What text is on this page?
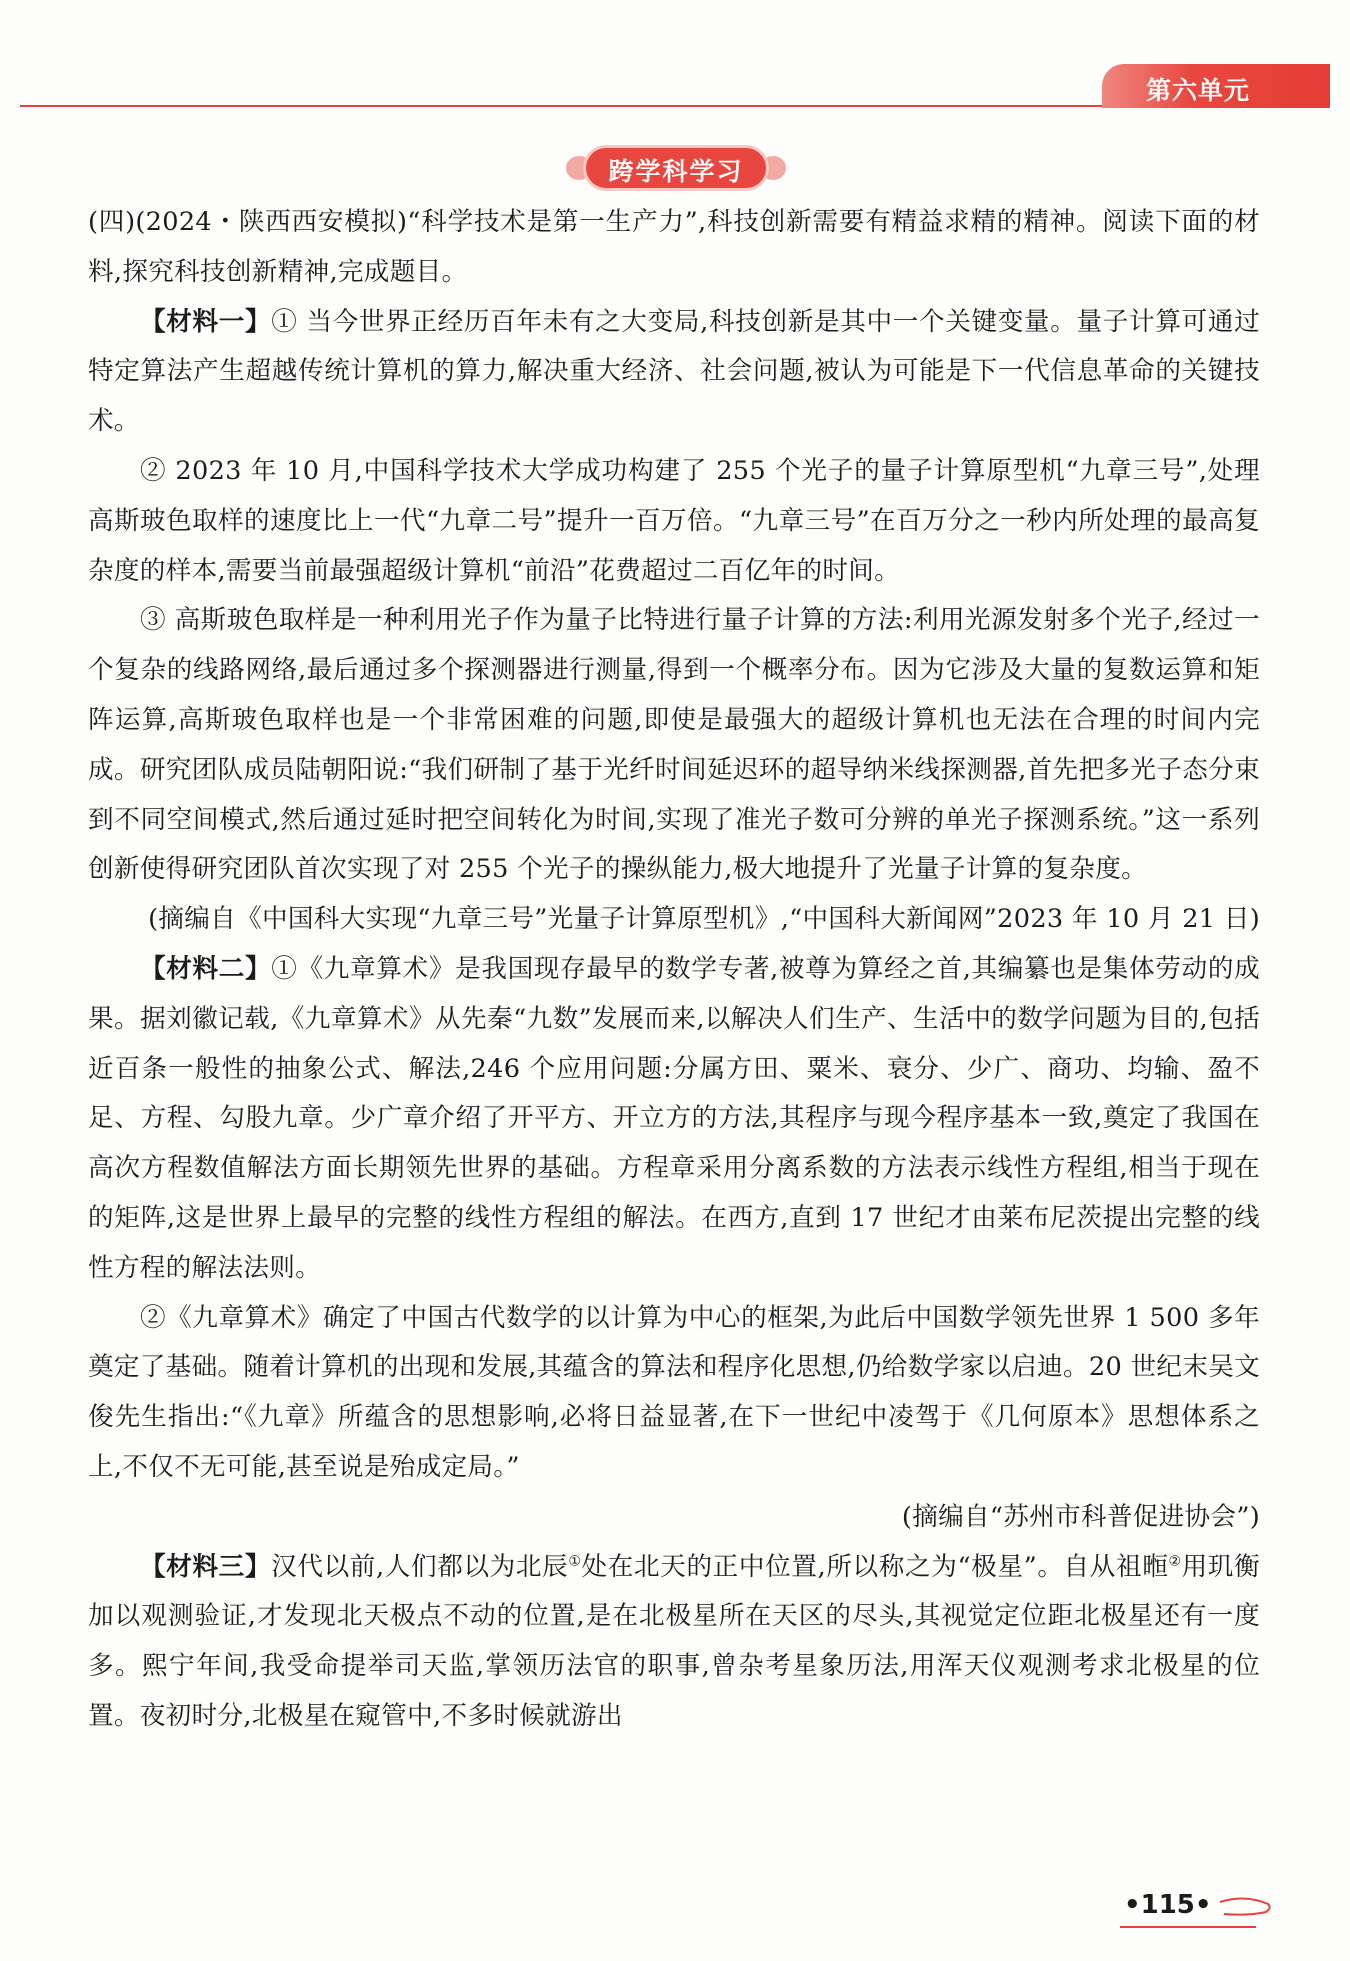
第六单元
跨学科学习

(四)(2024・陕西西安模拟)“科学技术是第一生产力”,科技创新需要有精益求精的精神。阅读下面的材料,探究科技创新精神,完成题目。

【材料一】① 当今世界正经历百年未有之大变局,科技创新是其中一个关键变量。量子计算可通过特定算法产生超越传统计算机的算力,解决重大经济、社会问题,被认为可能是下一代信息革命的关键技术。

② 2023 年 10 月,中国科学技术大学成功构建了 255 个光子的量子计算原型机“九章三号”,处理高斯玻色取样的速度比上一代“九章二号”提升一百万倍。“九章三号”在百万分之一秒内所处理的最高复杂度的样本,需要当前最强超级计算机“前沿”花费超过二百亿年的时间。

③ 高斯玻色取样是一种利用光子作为量子比特进行量子计算的方法:利用光源发射多个光子,经过一个复杂的线路网络,最后通过多个探测器进行测量,得到一个概率分布。因为它涉及大量的复数运算和矩阵运算,高斯玻色取样也是一个非常困难的问题,即使是最强大的超级计算机也无法在合理的时间内完成。研究团队成员陆朝阳说:“我们研制了基于光纤时间延迟环的超导纳米线探测器,首先把多光子态分束到不同空间模式,然后通过延时把空间转化为时间,实现了准光子数可分辨的单光子探测系统。”这一系列创新使得研究团队首次实现了对 255 个光子的操纵能力,极大地提升了光量子计算的复杂度。

(摘编自《中国科大实现“九章三号”光量子计算原型机》,“中国科大新闻网”2023 年 10 月 21 日)

【材料二】①《九章算术》是我国现存最早的数学专著,被尊为算经之首,其编纂也是集体劳动的成果。据刘徽记载,《九章算术》从先秦“九数”发展而来,以解决人们生产、生活中的数学问题为目的,包括近百条一般性的抽象公式、解法,246 个应用问题:分属方田、粟米、衰分、少广、商功、均输、盈不足、方程、勾股九章。少广章介绍了开平方、开立方的方法,其程序与现今程序基本一致,奠定了我国在高次方程数值解法方面长期领先世界的基础。方程章采用分离系数的方法表示线性方程组,相当于现在的矩阵,这是世界上最早的完整的线性方程组的解法。在西方,直到 17 世纪才由莱布尼茨提出完整的线性方程的解法法则。

②《九章算术》确定了中国古代数学的以计算为中心的框架,为此后中国数学领先世界 1 500 多年奠定了基础。随着计算机的出现和发展,其蕴含的算法和程序化思想,仍给数学家以启迪。20 世纪末吴文俊先生指出:“《九章》所蕴含的思想影响,必将日益显著,在下一世纪中凌驾于《几何原本》思想体系之上,不仅不无可能,甚至说是殆成定局。”

(摘编自“苏州市科普促进协会”)

【材料三】汉代以前,人们都以为北辰①处在北天的正中位置,所以称之为“极星”。自从祖暅②用玑衡加以观测验证,才发现北天极点不动的位置,是在北极星所在天区的尽头,其视觉定位距北极星还有一度多。熙宁年间,我受命提举司天监,掌领历法官的职事,曾杂考星象历法,用浑天仪观测考求北极星的位置。夜初时分,北极星在窥管中,不多时候就游出

•115•
